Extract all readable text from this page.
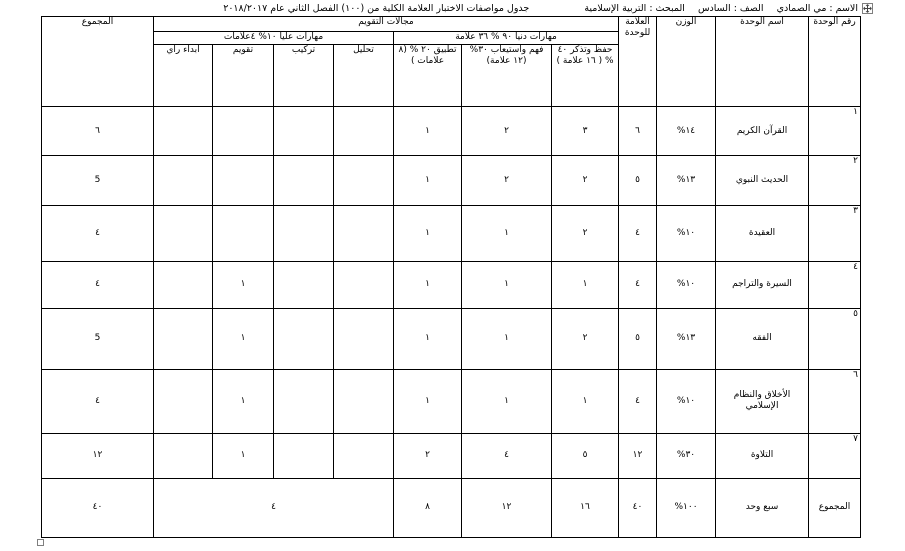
الاسم : مي الصمادي الصف : السادس المبحث : التربية الإسلامية جدول مواصفات الاختبار العلامة الكلية من (١٠٠) الفصل الثاني عام ٢٠١٨/٢٠١٧
رقم الوحدة	اسم الوحدة	الوزن	العلامة للوحدة	مجالات التقويم							المجموع
				مهارات دنيا ٩٠ % ٣٦ علامة			مهارات عليا ١٠% ٤علامات				
				حفظ وتذكر ٤٠ % ( ١٦ علامة )	فهم واستيعاب ٣٠% (١٢ علامة)	تطبيق ٢٠ % (٨ علامات )	تحليل	تركيب	تقويم	ابداء راي	
١	القرآن الكريم	١٤%	٦	٣	٢	١					٦
٢	الحديث النبوي	١٣%	٥	٢	٢	١					5
٣	العقيدة	١٠%	٤	٢	١	١					٤
٤	السيرة والتراجم	١٠%	٤	١	١	١			١		٤
٥	الفقه	١٣%	٥	٢	١	١			١		5
٦	الأخلاق والنظام الإسلامي	١٠%	٤	١	١	١			١		٤
٧	التلاوة	٣٠%	١٢	٥	٤	٢			١		١٢
المجموع	سبع وحد	١٠٠%	٤٠	١٦	١٢	٨	٤				٤٠
